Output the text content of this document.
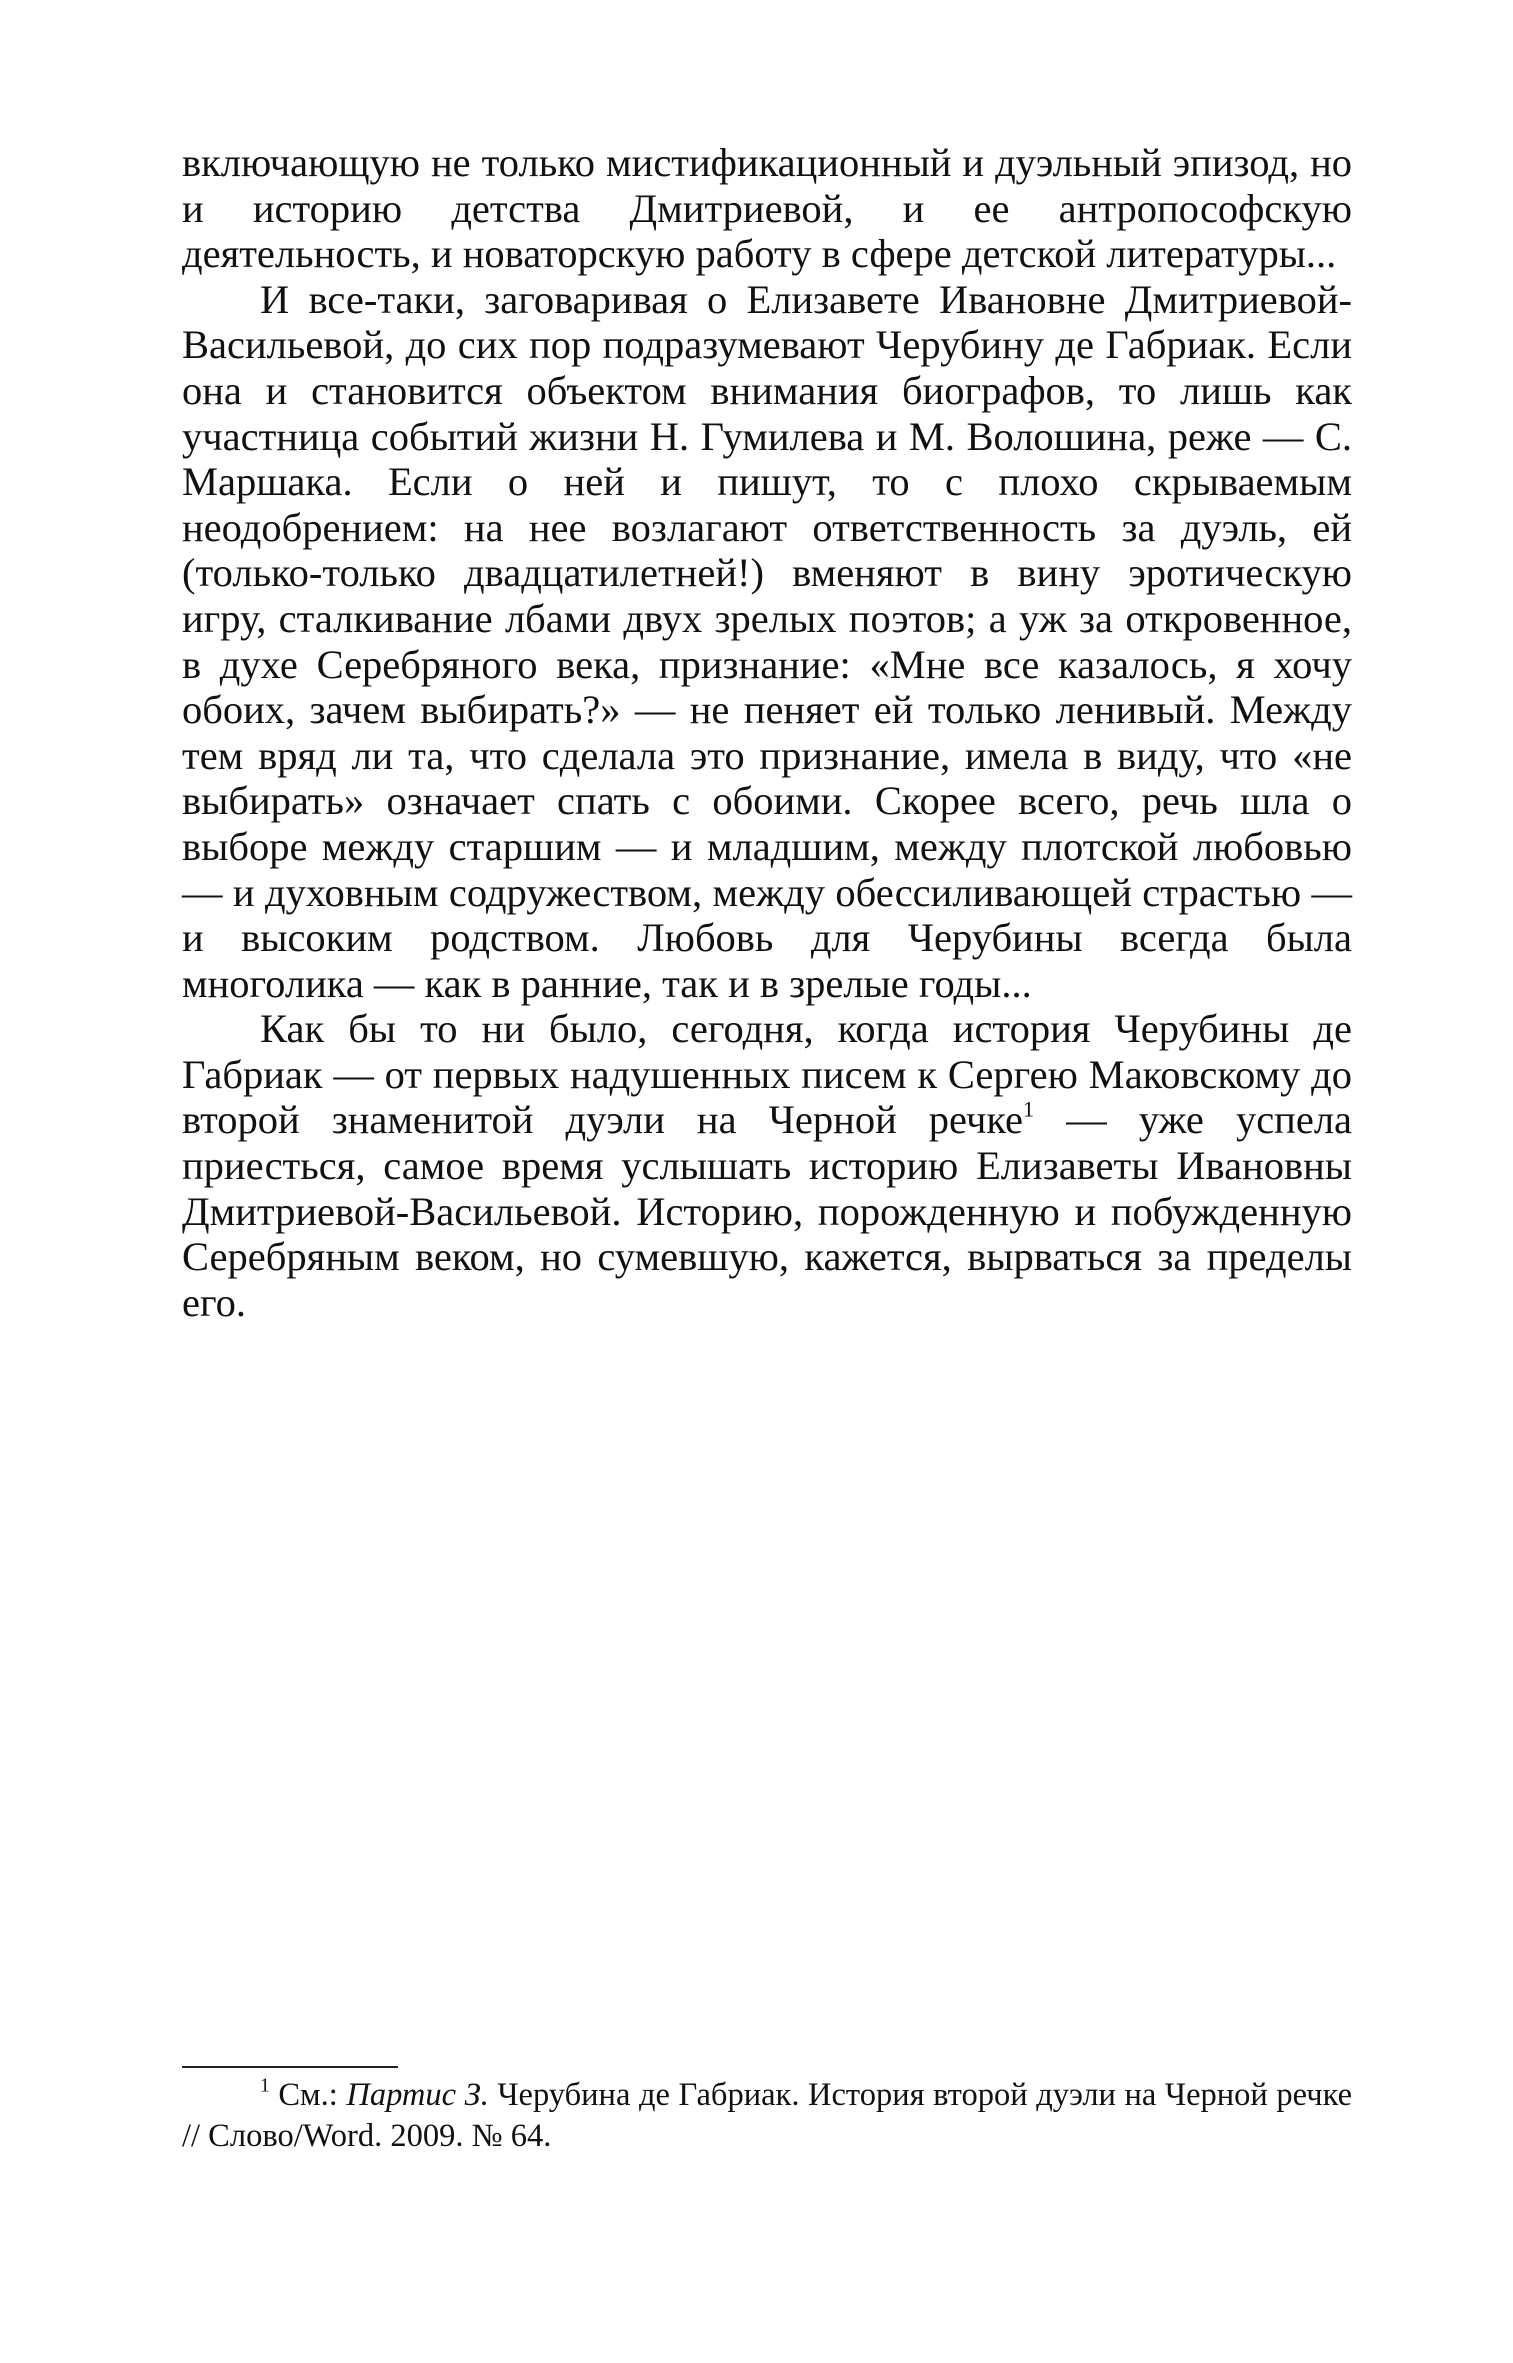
включающую не только мистификационный и дуэльный эпизод, но и историю детства Дмитриевой, и ее антропософскую деятельность, и новаторскую работу в сфере детской литературы...

И все-таки, заговаривая о Елизавете Ивановне Дмитриевой-Васильевой, до сих пор подразумевают Черубину де Габриак. Если она и становится объектом внимания биографов, то лишь как участница событий жизни Н. Гумилева и М. Волошина, реже — С. Маршака. Если о ней и пишут, то с плохо скрываемым неодобрением: на нее возлагают ответственность за дуэль, ей (только-только двадцатилетней!) вменяют в вину эротическую игру, сталкивание лбами двух зрелых поэтов; а уж за откровенное, в духе Серебряного века, признание: «Мне все казалось, я хочу обоих, зачем выбирать?» — не пеняет ей только ленивый. Между тем вряд ли та, что сделала это признание, имела в виду, что «не выбирать» означает спать с обоими. Скорее всего, речь шла о выборе между старшим — и младшим, между плотской любовью — и духовным содружеством, между обессиливающей страстью — и высоким родством. Любовь для Черубины всегда была многолика — как в ранние, так и в зрелые годы...

Как бы то ни было, сегодня, когда история Черубины де Габриак — от первых надушенных писем к Сергею Маковскому до второй знаменитой дуэли на Черной речке$^1$ — уже успела приесться, самое время услышать историю Елизаветы Ивановны Дмитриевой-Васильевой. Историю, порожденную и побужденную Серебряным веком, но сумевшую, кажется, вырваться за пределы его.

$^1$ См.: Партис З. Черубина де Габриак. История второй дуэли на Черной речке // Слово/Word. 2009. № 64.
